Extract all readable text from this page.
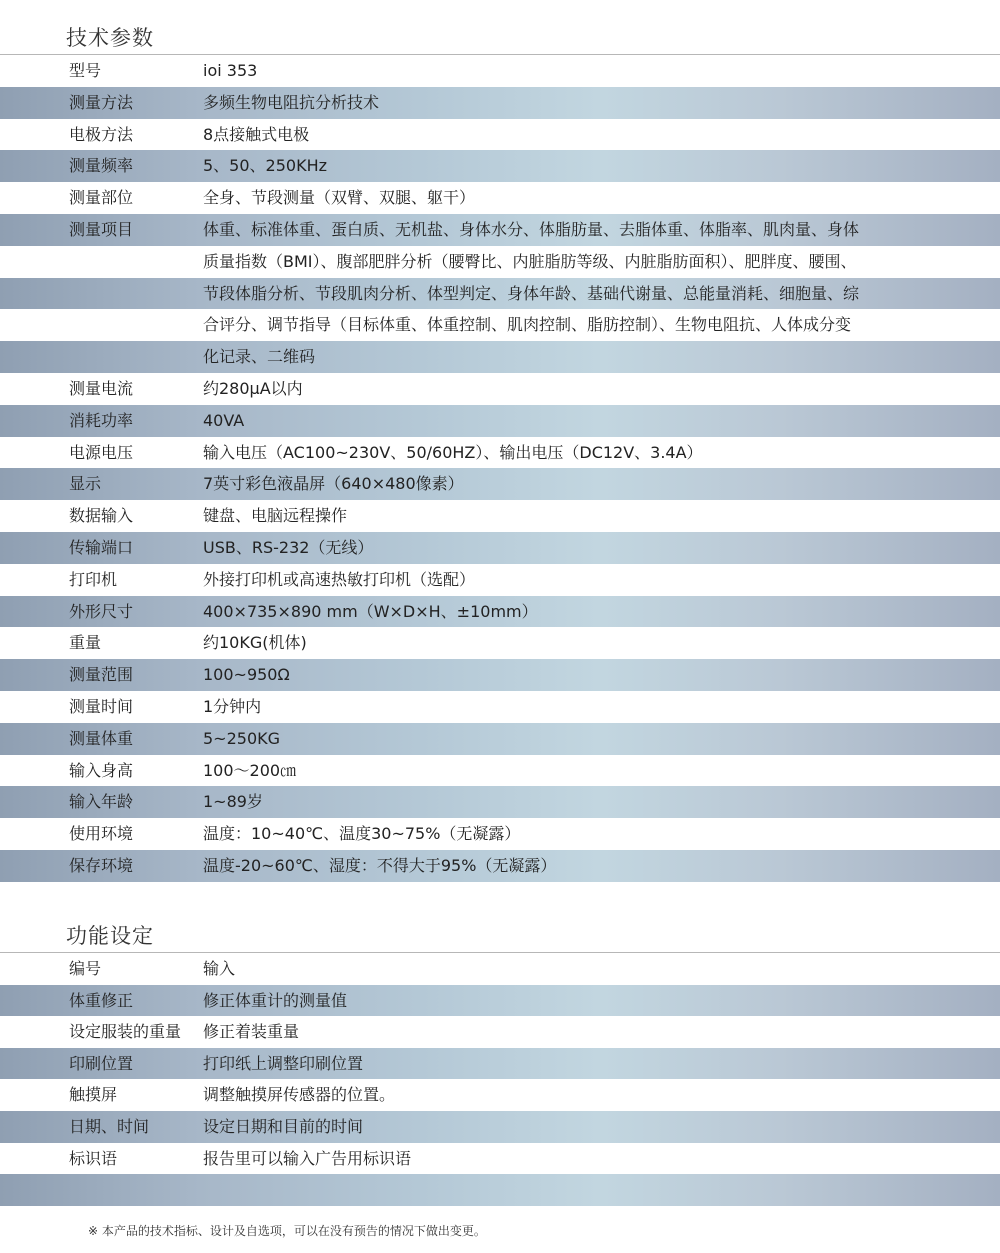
技术参数
型号	ioi 353
测量方法	多频生物电阻抗分析技术
电极方法	8点接触式电极
测量频率	5、50、250KHz
测量部位	全身、节段测量（双臂、双腿、躯干）
测量项目	体重、标准体重、蛋白质、无机盐、身体水分、体脂肪量、去脂体重、体脂率、肌肉量、身体
质量指数（BMI）、腹部肥胖分析（腰臀比、内脏脂肪等级、内脏脂肪面积）、肥胖度、腰围、
节段体脂分析、节段肌肉分析、体型判定、身体年龄、基础代谢量、总能量消耗、细胞量、综
合评分、调节指导（目标体重、体重控制、肌肉控制、脂肪控制）、生物电阻抗、人体成分变
化记录、二维码
测量电流	约280μA以内
消耗功率	40VA
电源电压	输入电压（AC100~230V、50/60HZ）、输出电压（DC12V、3.4A）
显示	7英寸彩色液晶屏（640×480像素）
数据输入	键盘、电脑远程操作
传输端口	USB、RS-232（无线）
打印机	外接打印机或高速热敏打印机（选配）
外形尺寸	400×735×890 mm（W×D×H、±10mm）
重量	约10KG(机体)
测量范围	100~950Ω
测量时间	1分钟内
测量体重	5~250KG
输入身高	100～200㎝
输入年龄	1~89岁
使用环境	温度：10~40℃、温度30~75%（无凝露）
保存环境	温度-20~60℃、湿度：不得大于95%（无凝露）
功能设定
编号	输入
体重修正	修正体重计的测量值
设定服装的重量 修正着装重量
印刷位置	打印纸上调整印刷位置
触摸屏	调整触摸屏传感器的位置。
日期、时间	设定日期和目前的时间
标识语	报告里可以输入广告用标识语
※ 本产品的技术指标、设计及自选项，可以在没有预告的情况下做出变更。
